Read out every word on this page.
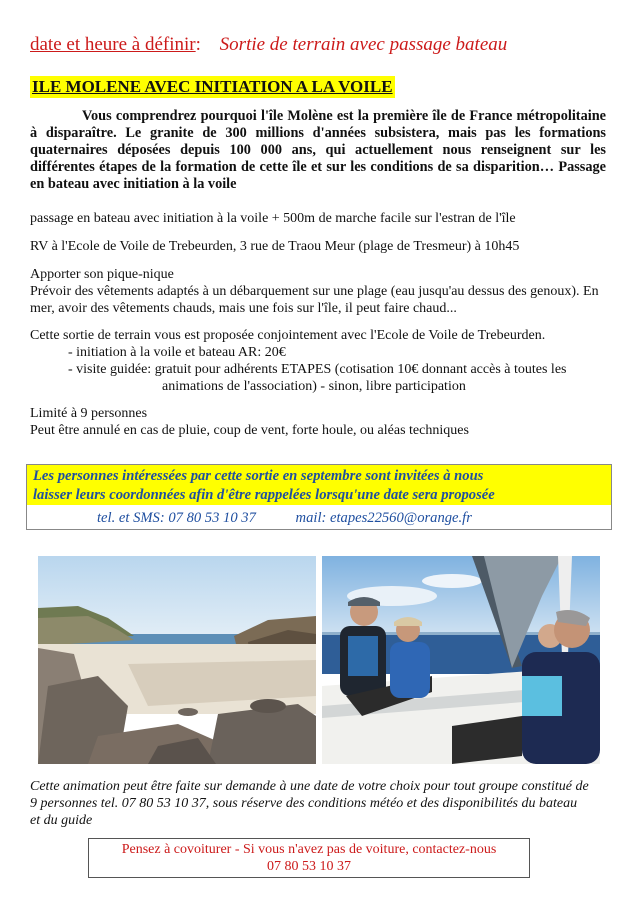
date et heure à définir: Sortie de terrain avec passage bateau
ILE MOLENE AVEC INITIATION A LA VOILE
Vous comprendrez pourquoi l'île Molène est la première île de France métropolitaine à disparaître. Le granite de 300 millions d'années subsistera, mais pas les formations quaternaires déposées depuis 100 000 ans, qui actuellement nous renseignent sur les différentes étapes de la formation de cette île et sur les conditions de sa disparition… Passage en bateau avec initiation à la voile
passage en bateau avec initiation à la voile + 500m de marche facile sur l'estran de l'île
RV à l'Ecole de Voile de Trebeurden, 3 rue de Traou Meur (plage de Tresmeur) à 10h45
Apporter son pique-nique
Prévoir des vêtements adaptés à un débarquement sur une plage (eau jusqu'au dessus des genoux). En mer, avoir des vêtements chauds, mais une fois sur l'île, il peut faire chaud...
Cette sortie de terrain vous est proposée conjointement avec l'Ecole de Voile de Trebeurden.
- initiation à la voile et bateau AR: 20€
- visite guidée: gratuit pour adhérents ETAPES (cotisation 10€ donnant accès à toutes les
animations de l'association) - sinon, libre participation
Limité à 9 personnes
Peut être annulé en cas de pluie, coup de vent, forte houle, ou aléas techniques
Les personnes intéressées par cette sortie en septembre sont invitées à nous
laisser leurs coordonnées afin d'être rappelées lorsqu'une date sera proposée
tel. et SMS: 07 80 53 10 37	mail: etapes22560@orange.fr
Cette animation peut être faite sur demande à une date de votre choix pour tout groupe constitué de 9 personnes tel. 07 80 53 10 37, sous réserve des conditions météo et des disponibilités du bateau et du guide
Pensez à covoiturer - Si vous n'avez pas de voiture, contactez-nous
07 80 53 10 37
